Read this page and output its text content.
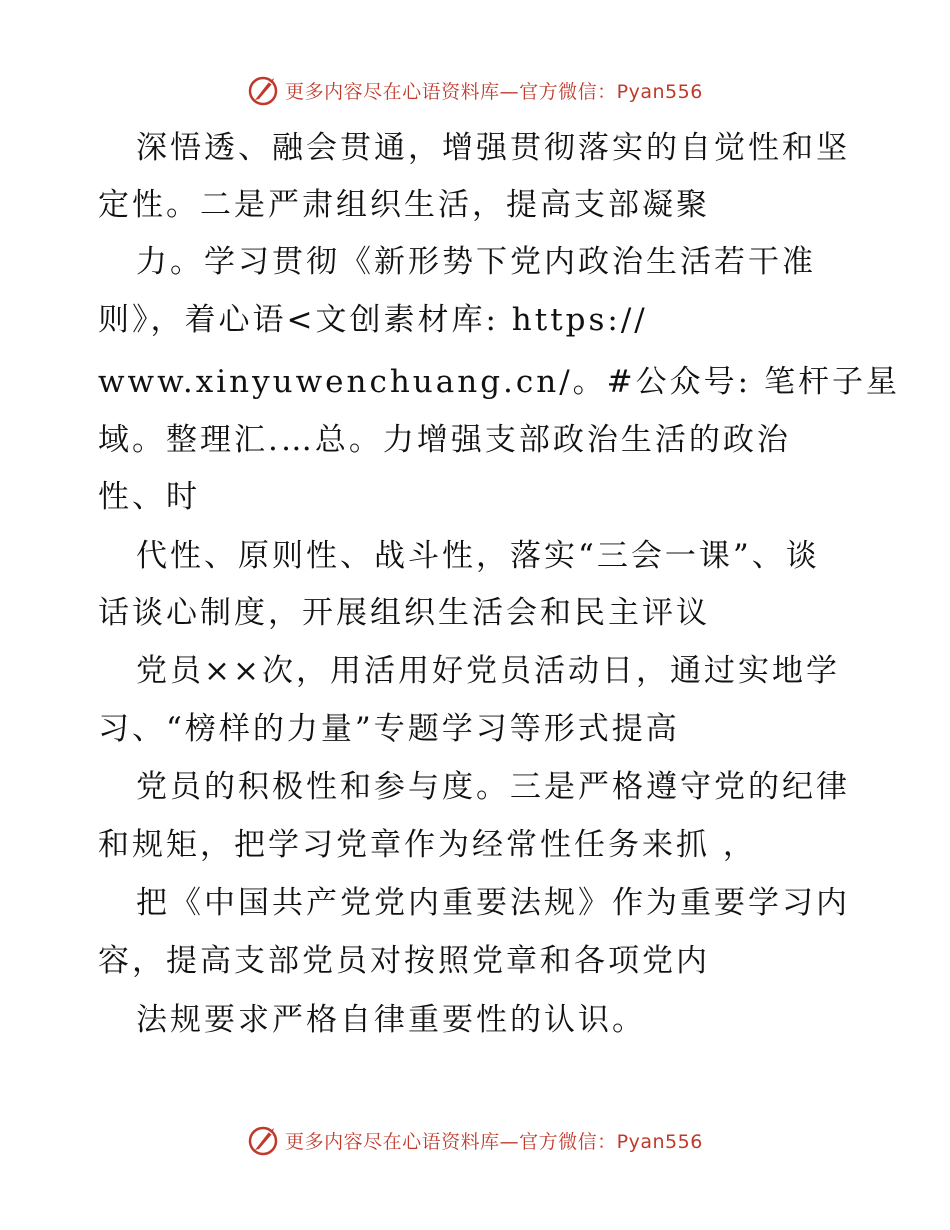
更多内容尽在心语资料库—官方微信：Pyan556
深悟透、融会贯通，增强贯彻落实的自觉性和坚
定性。二是严肃组织生活，提高支部凝聚
力。学习贯彻《新形势下党内政治生活若干准
则》，着心语<文创素材库: https://
www.xinyuwenchuang.cn/。#公众号: 笔杆子星
域。整理汇.…总。力增强支部政治生活的政治
性、时
代性、原则性、战斗性，落实“三会一课”、谈
话谈心制度，开展组织生活会和民主评议
党员××次，用活用好党员活动日，通过实地学
习、“榜样的力量”专题学习等形式提高
党员的积极性和参与度。三是严格遵守党的纪律
和规矩，把学习党章作为经常性任务来抓 ，
把《中国共产党党内重要法规》作为重要学习内
容，提高支部党员对按照党章和各项党内
法规要求严格自律重要性的认识。
更多内容尽在心语资料库—官方微信：Pyan556
